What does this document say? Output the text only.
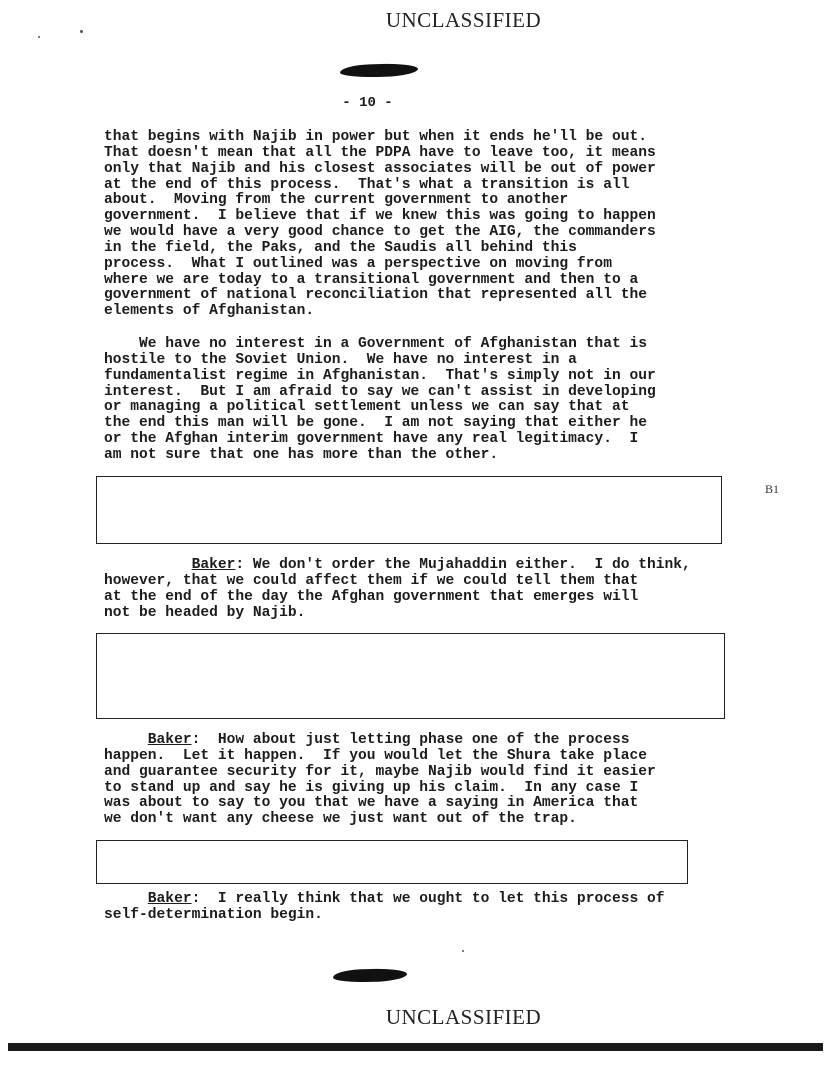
UNCLASSIFIED
- 10 -

that begins with Najib in power but when it ends he'll be out.
That doesn't mean that all the PDPA have to leave too, it means
only that Najib and his closest associates will be out of power
at the end of this process.  That's what a transition is all
about.  Moving from the current government to another
government.  I believe that if we knew this was going to happen
we would have a very good chance to get the AIG, the commanders
in the field, the Paks, and the Saudis all behind this
process.  What I outlined was a perspective on moving from
where we are today to a transitional government and then to a
government of national reconciliation that represented all the
elements of Afghanistan.

We have no interest in a Government of Afghanistan that is
hostile to the Soviet Union.  We have no interest in a
fundamentalist regime in Afghanistan.  That's simply not in our
interest.  But I am afraid to say we can't assist in developing
or managing a political settlement unless we can say that at
the end this man will be gone.  I am not saying that either he
or the Afghan interim government have any real legitimacy.  I
am not sure that one has more than the other.

B1

Baker: We don't order the Mujahaddin either.  I do think,
however, that we could affect them if we could tell them that
at the end of the day the Afghan government that emerges will
not be headed by Najib.

Baker:  How about just letting phase one of the process
happen.  Let it happen.  If you would let the Shura take place
and guarantee security for it, maybe Najib would find it easier
to stand up and say he is giving up his claim.  In any case I
was about to say to you that we have a saying in America that
we don't want any cheese we just want out of the trap.

Baker:  I really think that we ought to let this process of
self-determination begin.

UNCLASSIFIED
